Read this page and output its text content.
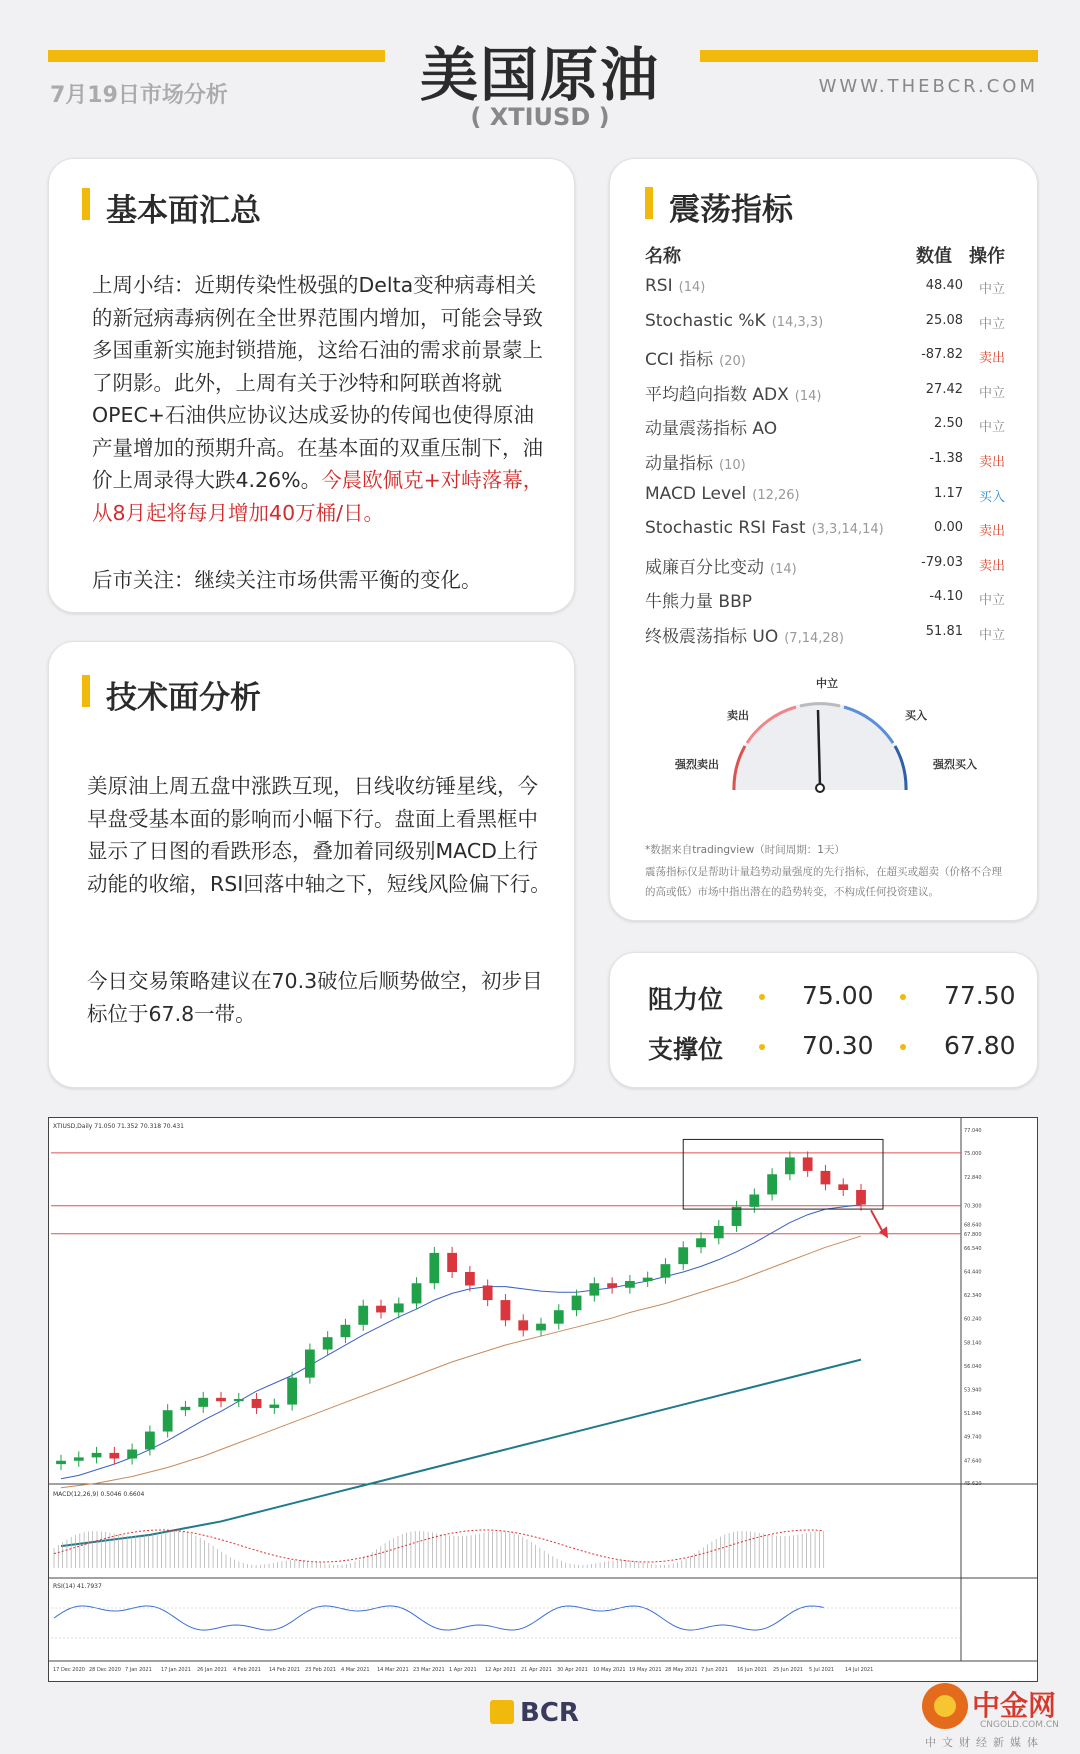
美国原油
( XTIUSD )
7月19日市场分析	WWW.THEBCR.COM
基本面汇总
上周小结：近期传染性极强的Delta变种病毒相关的新冠病毒病例在全世界范围内增加，可能会导致多国重新实施封锁措施，这给石油的需求前景蒙上了阴影。此外，上周有关于沙特和阿联酋将就OPEC+石油供应协议达成妥协的传闻也使得原油产量增加的预期升高。在基本面的双重压制下，油价上周录得大跌4.26%。今晨欧佩克+对峙落幕，从8月起将每月增加40万桶/日。
后市关注：继续关注市场供需平衡的变化。
技术面分析
美原油上周五盘中涨跌互现，日线收纺锤星线，今早盘受基本面的影响而小幅下行。盘面上看黑框中显示了日图的看跌形态，叠加着同级别MACD上行动能的收缩，RSI回落中轴之下，短线风险偏下行。
今日交易策略建议在70.3破位后顺势做空，初步目标位于67.8一带。
震荡指标
名称	数值 操作
RSI (14)	48.40 中立
Stochastic %K (14,3,3)	25.08 中立
CCI 指标 (20)	-87.82 卖出
平均趋向指数 ADX (14)	27.42 中立
动量震荡指标 AO	2.50 中立
动量指标 (10)	-1.38 卖出
MACD Level (12,26)	1.17 买入
Stochastic RSI Fast (3,3,14,14)	0.00 卖出
威廉百分比变动 (14)	-79.03 卖出
牛熊力量 BBP	-4.10 中立
终极震荡指标 UO (7,14,28)	51.81 中立
中立
卖出	买入
强烈卖出	强烈买入
*数据来自tradingview（时间周期：1天）
震荡指标仅是帮助计量趋势动量强度的先行指标，在超买或超卖（价格不合理的高或低）市场中指出潜在的趋势转变，不构成任何投资建议。
阻力位	75.00	77.50
支撑位	70.30	67.80
XTIUSD,Daily 71.050 71.352 70.318 70.431
MACD(12,26,9) 0.5046 0.6604
RSI(14) 41.7937
77.040
75.000
72.840
70.300
68.640
67.800
66.540
64.440
62.340
60.240
58.140
56.040
53.940
51.840
49.740
47.640
45.620
17 Dec 2020 28 Dec 2020 7 Jan 2021 17 Jan 2021 26 Jan 2021 4 Feb 2021 14 Feb 2021 23 Feb 2021 4 Mar 2021 14 Mar 2021 23 Mar 2021 1 Apr 2021 12 Apr 2021 21 Apr 2021 30 Apr 2021 10 May 2021 19 May 2021 28 May 2021 7 Jun 2021 16 Jun 2021 25 Jun 2021 5 Jul 2021 14 Jul 2021
BCR	中金网
CNGOLD.COM.CN
中文财经新媒体
